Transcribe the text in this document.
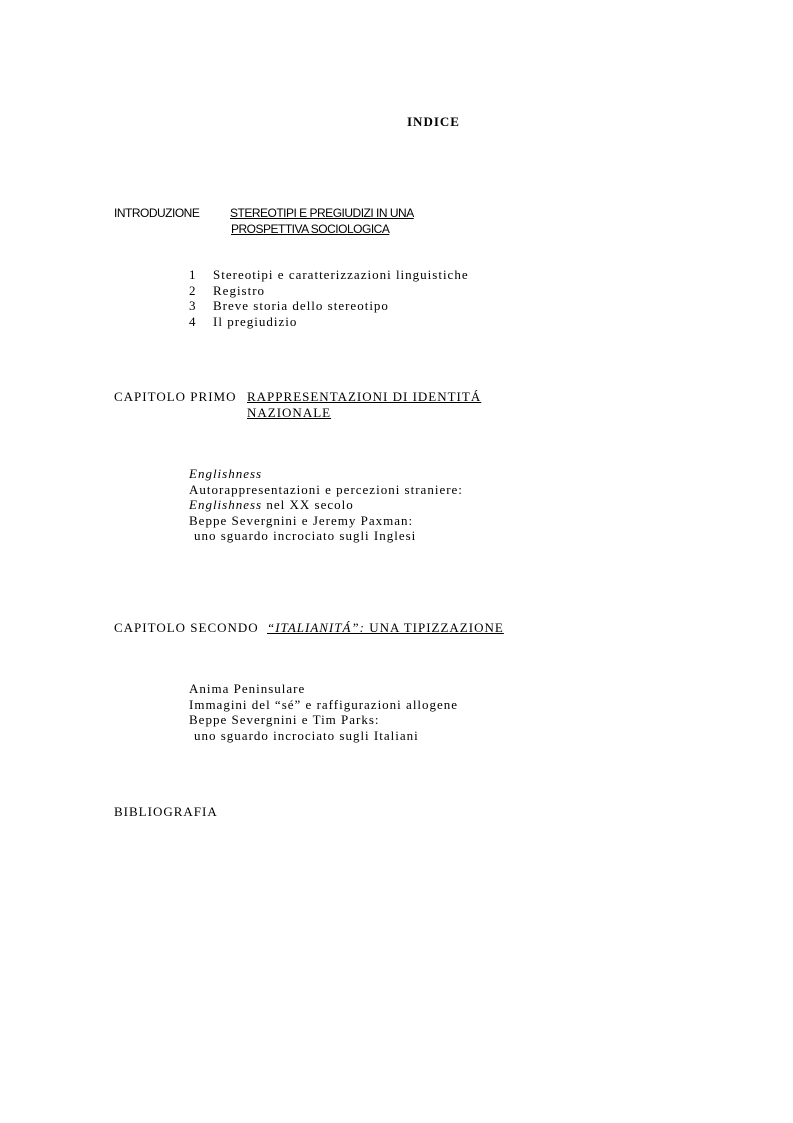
INDICE
INTRODUZIONE	STEREOTIPI E PREGIUDIZI IN UNA
PROSPETTIVA SOCIOLOGICA
1 Stereotipi e caratterizzazioni linguistiche
2 Registro
3 Breve storia dello stereotipo
4 Il pregiudizio
CAPITOLO PRIMO RAPPRESENTAZIONI DI IDENTITÁ
NAZIONALE
Englishness
Autorappresentazioni e percezioni straniere:
Englishness nel XX secolo
Beppe Severgnini e Jeremy Paxman:
uno sguardo incrociato sugli Inglesi
CAPITOLO SECONDO “ITALIANITÁ”: UNA TIPIZZAZIONE
Anima Peninsulare
Immagini del “sé” e raffigurazioni allogene
Beppe Severgnini e Tim Parks:
uno sguardo incrociato sugli Italiani
BIBLIOGRAFIA
